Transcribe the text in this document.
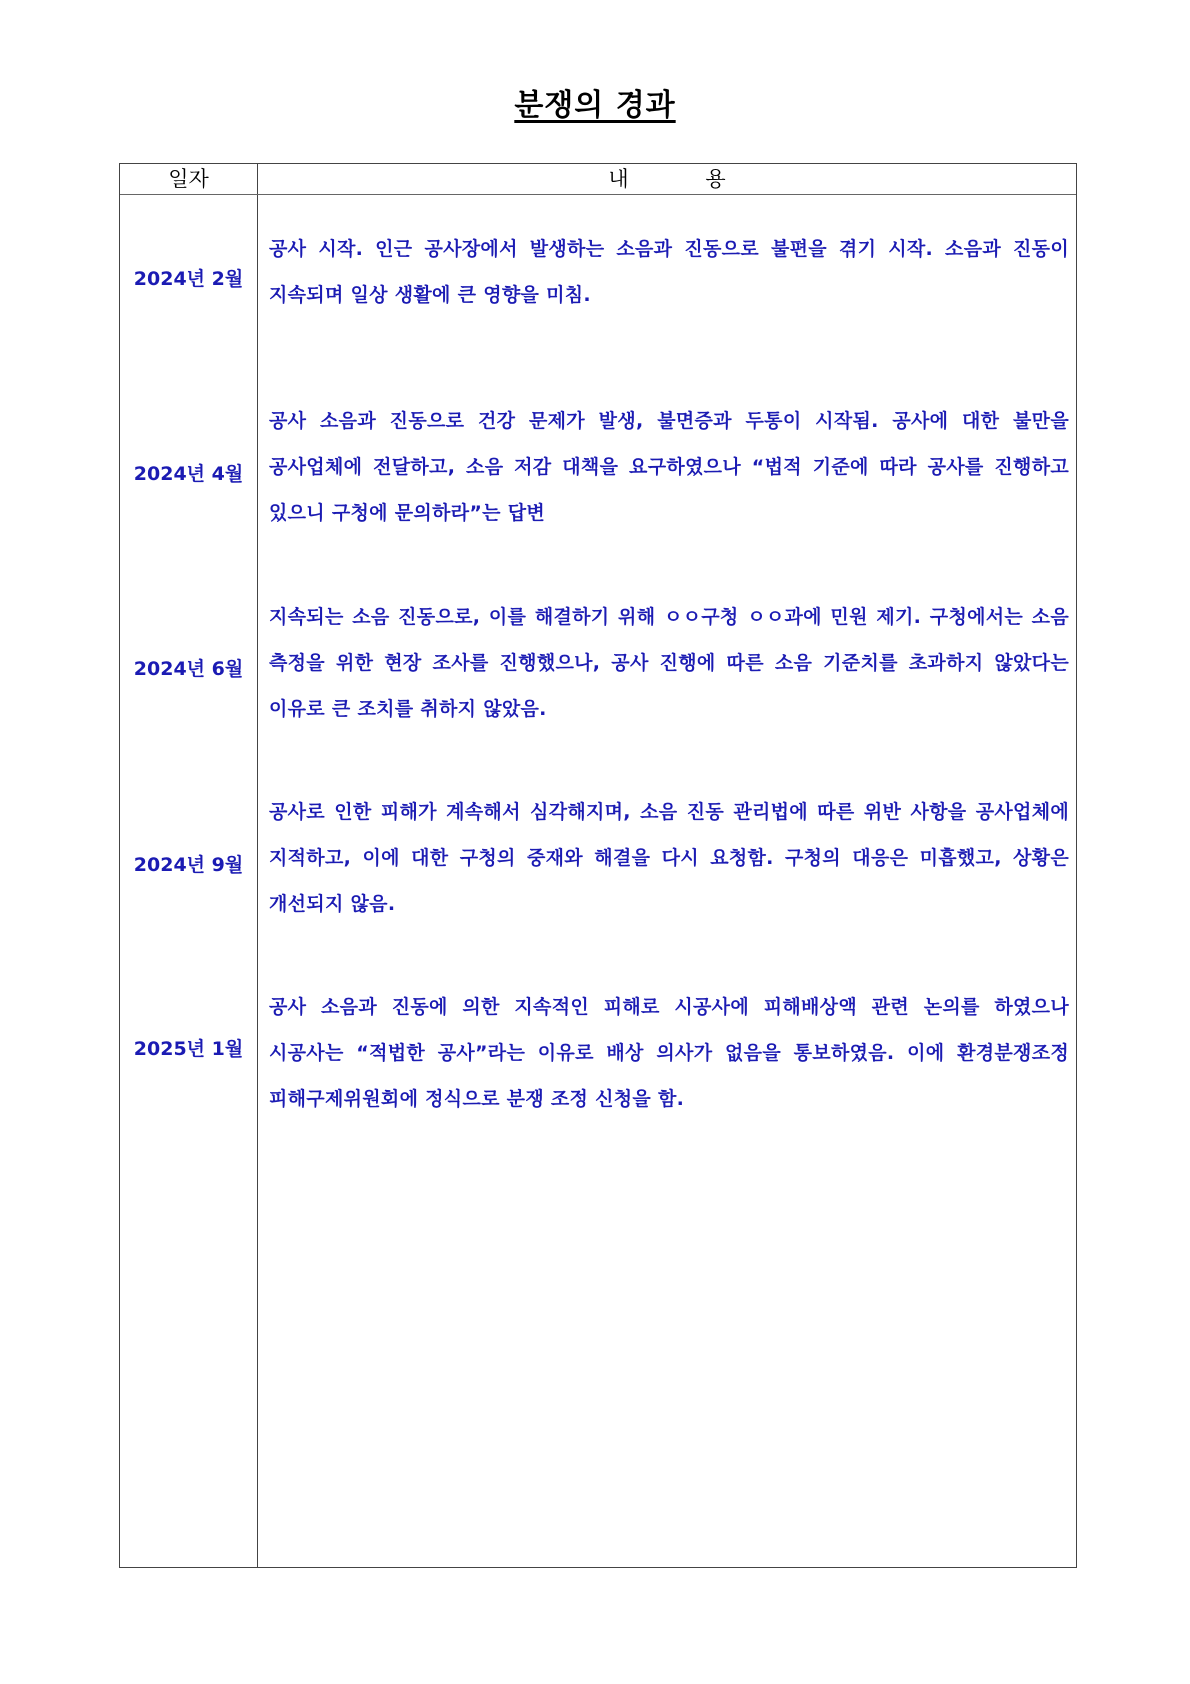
분쟁의 경과
일자	내 용
2024년 2월
공사 시작. 인근 공사장에서 발생하는 소음과 진동으로 불편을 겪기 시작. 소음과 진동이 지속되며 일상 생활에 큰 영향을 미침.
2024년 4월
공사 소음과 진동으로 건강 문제가 발생, 불면증과 두통이 시작됨. 공사에 대한 불만을 공사업체에 전달하고, 소음 저감 대책을 요구하였으나 “법적 기준에 따라 공사를 진행하고 있으니 구청에 문의하라”는 답변
2024년 6월
지속되는 소음 진동으로, 이를 해결하기 위해 ㅇㅇ구청 ㅇㅇ과에 민원 제기. 구청에서는 소음 측정을 위한 현장 조사를 진행했으나, 공사 진행에 따른 소음 기준치를 초과하지 않았다는 이유로 큰 조치를 취하지 않았음.
2024년 9월
공사로 인한 피해가 계속해서 심각해지며, 소음 진동 관리법에 따른 위반 사항을 공사업체에 지적하고, 이에 대한 구청의 중재와 해결을 다시 요청함. 구청의 대응은 미흡했고, 상황은 개선되지 않음.
2025년 1월
공사 소음과 진동에 의한 지속적인 피해로 시공사에 피해배상액 관련 논의를 하였으나 시공사는 “적법한 공사”라는 이유로 배상 의사가 없음을 통보하였음. 이에 환경분쟁조정 피해구제위원회에 정식으로 분쟁 조정 신청을 함.
